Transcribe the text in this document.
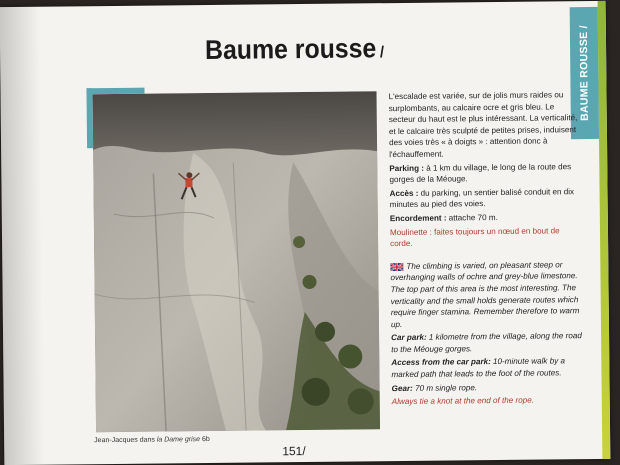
BAUME ROUSSE /
Baume rousse /
Jean-Jacques dans la Dame grise 6b
151/

L'escalade est variée, sur de jolis murs raides ou surplombants, au calcaire ocre et gris bleu. Le secteur du haut est le plus intéressant. La verticalité, et le calcaire très sculpté de petites prises, induisent des voies très « à doigts » : attention donc à l'échauffement.

Parking : à 1 km du village, le long de la route des gorges de la Méouge.

Accès : du parking, un sentier balisé conduit en dix minutes au pied des voies.

Encordement : attache 70 m.

Moulinette : faites toujours un nœud en bout de corde.

The climbing is varied, on pleasant steep or overhanging walls of ochre and grey-blue limestone. The top part of this area is the most interesting. The verticality and the small holds generate routes which require finger stamina. Remember therefore to warm up.

Car park: 1 kilometre from the village, along the road to the Méouge gorges.

Access from the car park: 10-minute walk by a marked path that leads to the foot of the routes.

Gear: 70 m single rope.

Always tie a knot at the end of the rope.
